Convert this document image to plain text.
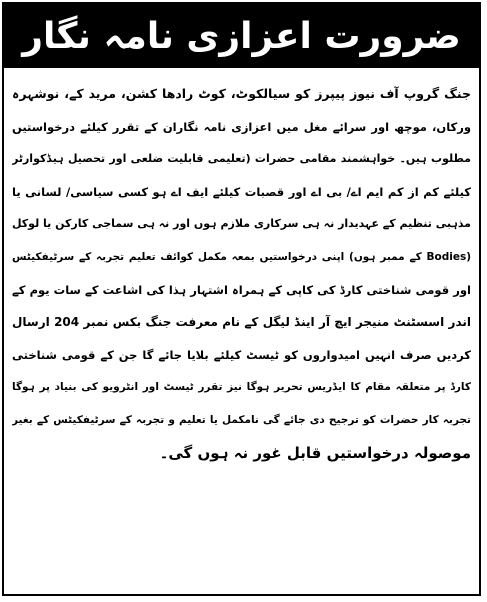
ضرورت اعزازی نامہ نگار
جنگ گروپ آف نیوز پیپرز کو سیالکوٹ، کوٹ رادھا کشن، مرید کے، نوشہرہ
ورکاں، موچھ اور سرائے مغل میں اعزازی نامہ نگاران کے تقرر کیلئے درخواستیں
مطلوب ہیں۔ خواہشمند مقامی حضرات (تعلیمی قابلیت ضلعی اور تحصیل ہیڈکوارٹر
کیلئے کم از کم ایم اے/ بی اے اور قصبات کیلئے ایف اے ہو کسی سیاسی/ لسانی یا
مذہبی تنظیم کے عہدیدار نہ ہی سرکاری ملازم ہوں اور نہ ہی سماجی کارکن یا لوکل
(Bodies کے ممبر ہوں) اپنی درخواستیں بمعہ مکمل کوائف تعلیم تجربہ کے سرٹیفکیٹس
اور قومی شناختی کارڈ کی کاپی کے ہمراہ اشتہار ہذا کی اشاعت کے سات یوم کے
اندر اسسٹنٹ منیجر ایچ آر اینڈ لیگل کے نام معرفت جنگ بکس نمبر 204 ارسال
کردیں صرف انہیں امیدواروں کو ٹیسٹ کیلئے بلایا جائے گا جن کے قومی شناختی
کارڈ پر متعلقہ مقام کا ایڈریس تحریر ہوگا نیز تقرر ٹیسٹ اور انٹرویو کی بنیاد پر ہوگا
تجربہ کار حضرات کو ترجیح دی جائے گی نامکمل یا تعلیم و تجربہ کے سرٹیفکیٹس کے بغیر
موصولہ درخواستیں قابل غور نہ ہوں گی۔
